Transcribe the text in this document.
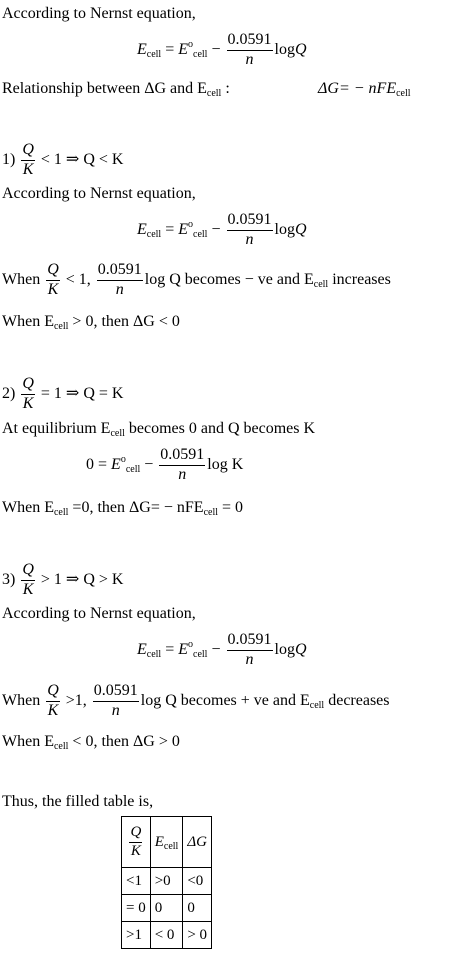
According to Nernst equation,
Ecell = $E^ocell - \frac{0.0591}{n}$ logQ
Relationship between ΔG and Ecell :	ΔG= − nFEcell
$1) \frac{Q}{K} < 1$ ⇒ Q < K
According to Nernst equation,
Ecell = $E^ocell - \frac{0.0591}{n}$ logQ
When $\frac{Q}{K} < 1$, $\frac{0.0591}{n}$ log Q becomes − ve and Ecell increases
When Ecell > 0, then ΔG < 0
$2) \frac{Q}{K} = 1$ ⇒ Q = K
At equilibrium Ecell becomes 0 and Q becomes K
$0 = E^ocell - \frac{0.0591}{n}$ log K
When Ecell =0, then ΔG= − nFEcell = 0
$3) \frac{Q}{K} > 1$ ⇒ Q > K
According to Nernst equation,
Ecell = $E^ocell - \frac{0.0591}{n}$ logQ
When $\frac{Q}{K} >1$, $\frac{0.0591}{n}$ log Q becomes + ve and Ecell decreases
When Ecell < 0, then ΔG > 0
Thus, the filled table is,
$\frac{Q}{K}$	$E_{cell}$	ΔG
<1	>0	<0
= 0	0	0
>1	< 0	> 0
